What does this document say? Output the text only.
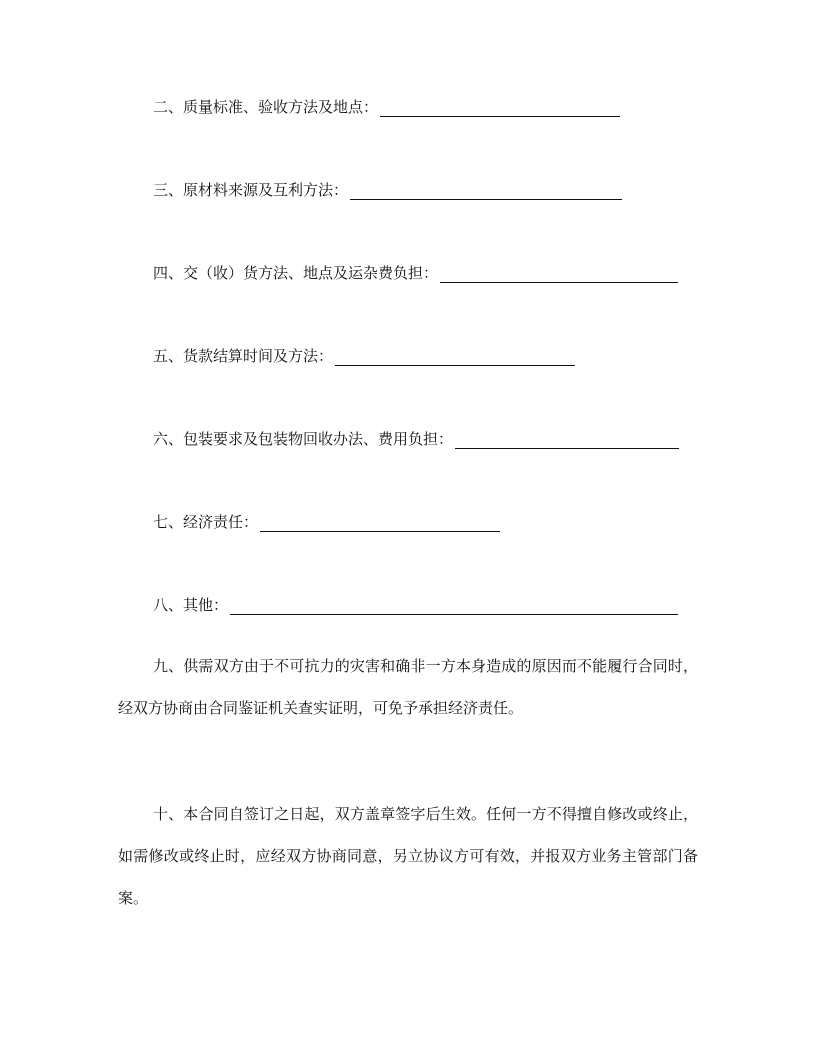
二、质量标准、验收方法及地点：
三、原材料来源及互利方法：
四、交（收）货方法、地点及运杂费负担：
五、货款结算时间及方法：
六、包装要求及包装物回收办法、费用负担：
七、经济责任：
八、其他：

九、供需双方由于不可抗力的灾害和确非一方本身造成的原因而不能履行合同时，经双方协商由合同鉴证机关查实证明，可免予承担经济责任。

十、本合同自签订之日起，双方盖章签字后生效。任何一方不得擅自修改或终止，如需修改或终止时，应经双方协商同意，另立协议方可有效，并报双方业务主管部门备案。
